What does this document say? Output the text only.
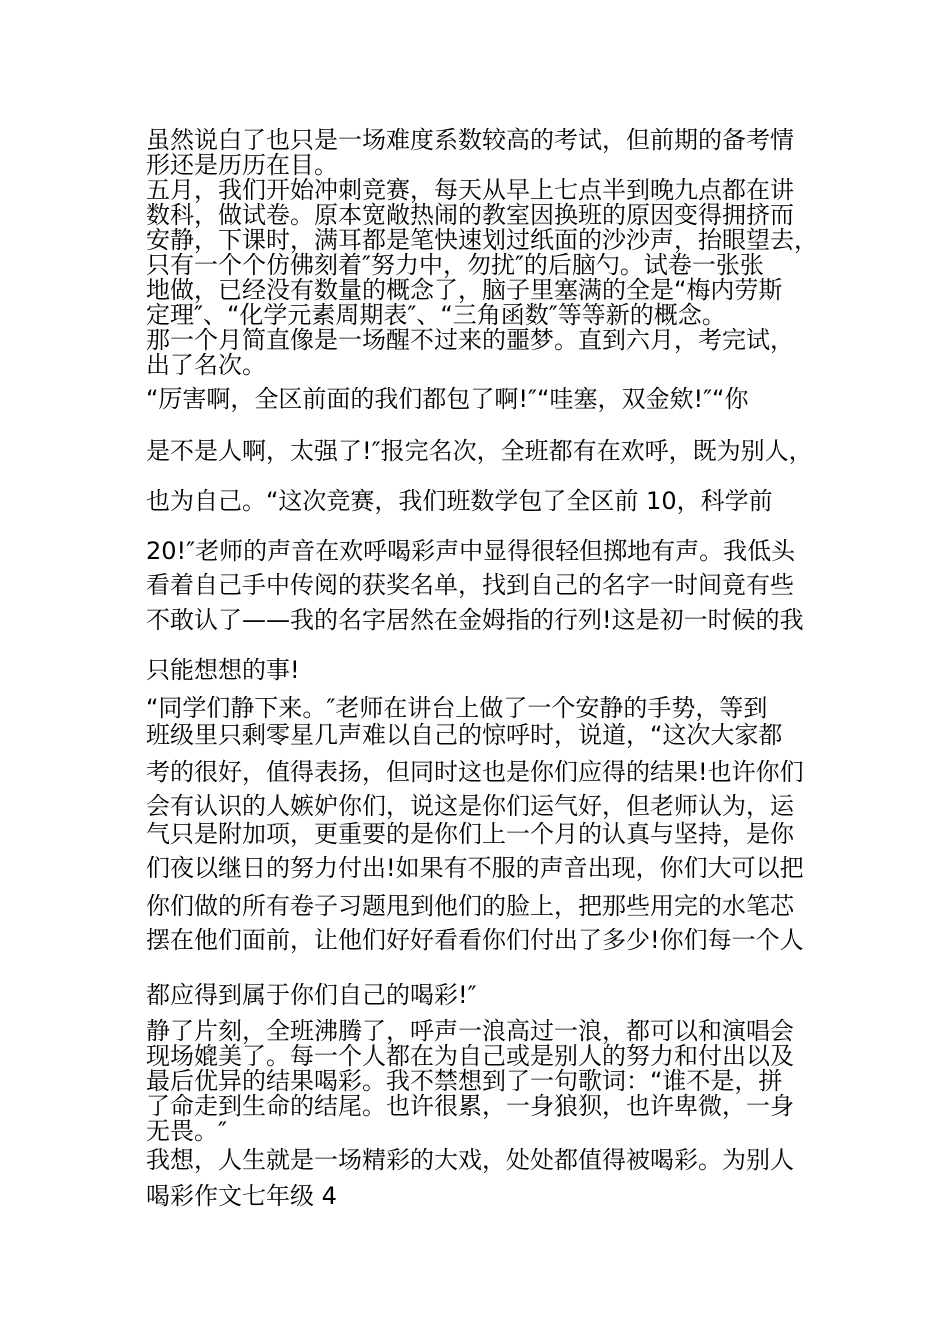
虽然说白了也只是一场难度系数较高的考试，但前期的备考情
形还是历历在目。
五月，我们开始冲刺竞赛，每天从早上七点半到晚九点都在讲
数科，做试卷。原本宽敞热闹的教室因换班的原因变得拥挤而
安静，下课时，满耳都是笔快速划过纸面的沙沙声，抬眼望去，
只有一个个仿佛刻着″努力中，勿扰″的后脑勺。试卷一张张
地做，已经没有数量的概念了，脑子里塞满的全是“梅内劳斯
定理″、“化学元素周期表″、“三角函数″等等新的概念。
那一个月简直像是一场醒不过来的噩梦。直到六月，考完试，
出了名次。
“厉害啊，全区前面的我们都包了啊!″“哇塞，双金欸!″“你
是不是人啊，太强了!″报完名次，全班都有在欢呼，既为别人，
也为自己。“这次竞赛，我们班数学包了全区前 10，科学前
20!″老师的声音在欢呼喝彩声中显得很轻但掷地有声。我低头
看着自己手中传阅的获奖名单，找到自己的名字一时间竟有些
不敢认了——我的名字居然在金姆指的行列!这是初一时候的我
只能想想的事!
“同学们静下来。″老师在讲台上做了一个安静的手势，等到
班级里只剩零星几声难以自己的惊呼时，说道，“这次大家都
考的很好，值得表扬，但同时这也是你们应得的结果!也许你们
会有认识的人嫉妒你们，说这是你们运气好，但老师认为，运
气只是附加项，更重要的是你们上一个月的认真与坚持，是你
们夜以继日的努力付出!如果有不服的声音出现，你们大可以把
你们做的所有卷子习题甩到他们的脸上，把那些用完的水笔芯
摆在他们面前，让他们好好看看你们付出了多少!你们每一个人
都应得到属于你们自己的喝彩!″
静了片刻，全班沸腾了，呼声一浪高过一浪，都可以和演唱会
现场媲美了。每一个人都在为自己或是别人的努力和付出以及
最后优异的结果喝彩。我不禁想到了一句歌词：“谁不是，拼
了命走到生命的结尾。也许很累，一身狼狈，也许卑微，一身
无畏。″
我想，人生就是一场精彩的大戏，处处都值得被喝彩。为别人
喝彩作文七年级 4
